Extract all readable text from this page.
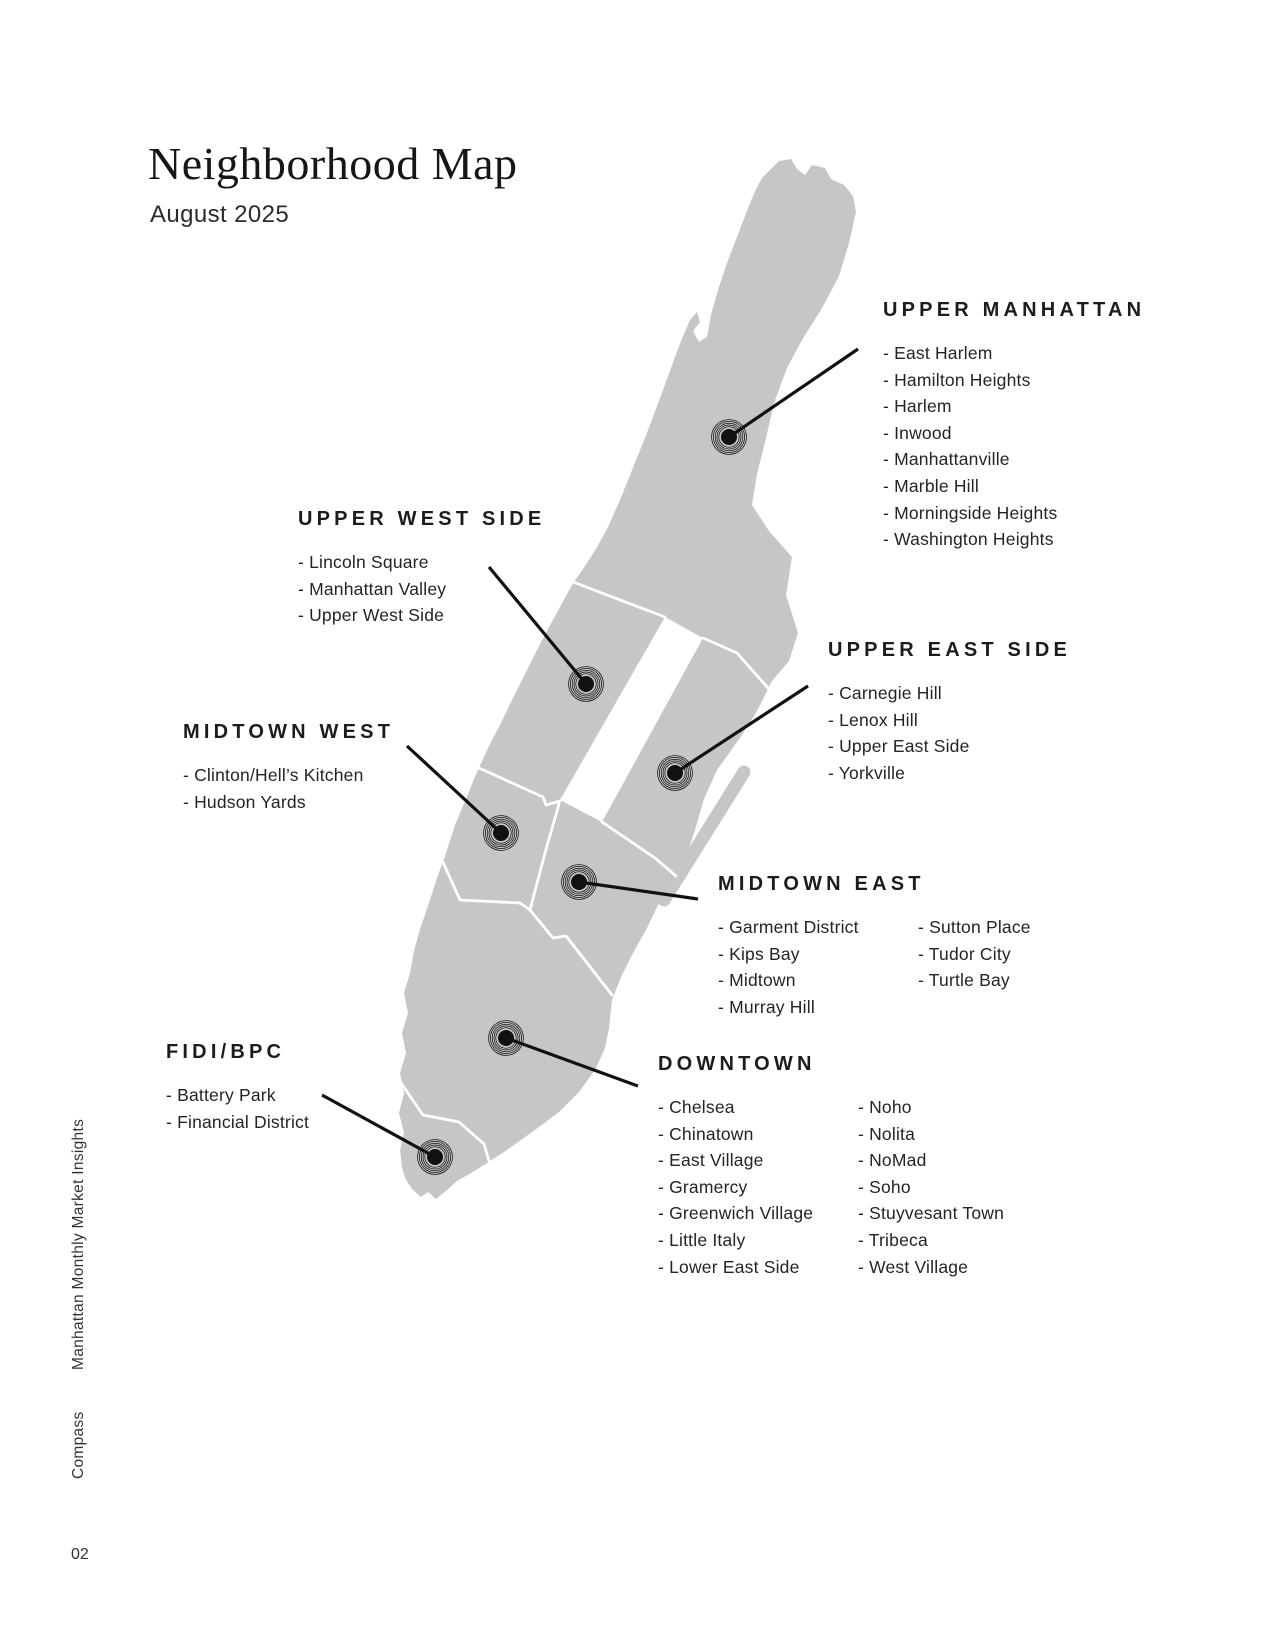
Neighborhood Map
August 2025
UPPER MANHATTAN
- East Harlem
- Hamilton Heights
- Harlem
- Inwood
- Manhattanville
- Marble Hill
- Morningside Heights
- Washington Heights
UPPER WEST SIDE
- Lincoln Square
- Manhattan Valley
- Upper West Side
UPPER EAST SIDE
- Carnegie Hill
- Lenox Hill
- Upper East Side
- Yorkville
MIDTOWN WEST
- Clinton/Hell’s Kitchen
- Hudson Yards
MIDTOWN EAST
- Garment District
- Kips Bay
- Midtown
- Murray Hill
- Sutton Place
- Tudor City
- Turtle Bay
DOWNTOWN
- Chelsea
- Chinatown
- East Village
- Gramercy
- Greenwich Village
- Little Italy
- Lower East Side
- Noho
- Nolita
- NoMad
- Soho
- Stuyvesant Town
- Tribeca
- West Village
FIDI/BPC
- Battery Park
- Financial District
Manhattan Monthly Market Insights
Compass
02
